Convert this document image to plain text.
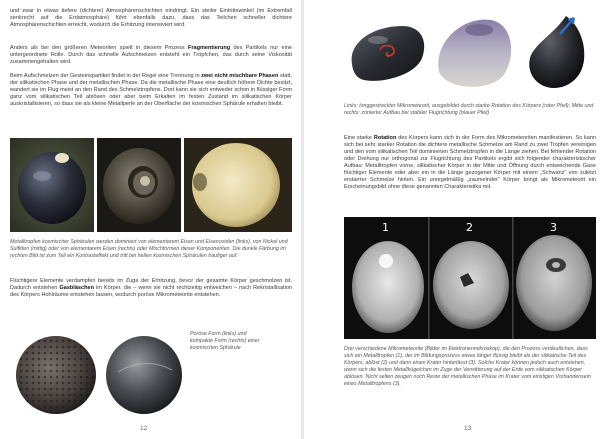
und zwar in etwas tiefere (dichtere) Atmosphärenschichten eindringt. Ein steiler Eintrittswinkel (im Extremfall senkrecht auf die Erdatmosphäre) führt ebenfalls dazu, dass das Teilchen schneller dichtere Atmosphärenschichten erreicht, wodurch die Erhitzung intensiviert wird.

Anders als bei den größeren Meteoriten spielt in diesem Prozess Fragmentierung des Partikels nur eine untergeordnete Rolle. Durch das schnelle Aufschmelzen entsteht ein Tröpfchen, das durch seine Viskosität zusammengehalten wird.

Beim Aufschmelzen der Gesteinspartikel findet in der Regel eine Trennung in zwei nicht mischbare Phasen statt, der silikatischen Phase und der metallischen Phase. Da die metallische Phase eine deutlich höhere Dichte besitzt, wandert sie im Flug meist an den Rand des Schmelztropfens. Dort kann sie sich entweder schon in flüssiger Form ganz vom silikatischen Teil ablösen oder aber beim Erkalten im festen Zustand im silikatischen Körper auskristallisieren, so dass sie als kleine Metallperle an der Oberfläche der kosmischen Sphärule erhalten bleibt.

Metalltropfen kosmischer Sphärulen werden dominiert von elementarem Eisen und Eisenoxiden (links), von Nickel und Sulfiden (mittig) oder von elementarem Eisen (rechts) oder Mischformen dieser Komponenten. Die dunkle Färbung im rechten Bild ist zum Teil ein Kontrasteffekt und tritt bei hellen kosmischen Sphärulen häufiger auf.

Flüchtigere Elemente verdampfen bereits im Zuge der Erhitzung, bevor der gesamte Körper geschmolzen ist. Dadurch entstehen Gasbläschen im Körper, die – wenn sie nicht rechtzeitig entweichen – nach Rekristallisation des Körpers Hohlräume entstehen lassen, wodurch poröse Mikrometeorite entstehen.

Poröse Form (links) und kompakte Form (rechts) einer kosmischen Sphärule

12

Links: longgestreckter Mikrometeorit, ausgebildet durch starke Rotation des Körpers (roter Pfeil); Mitte und rechts: zonierter Aufbau bei stabiler Flugrichtung (blauer Pfeil)

Eine starke Rotation des Körpers kann sich in der Form des Mikrometeoriten manifestieren. So kann sich bei sehr starker Rotation die dichtere metallische Schmelze am Rand zu zwei Tropfen vereinigen und den vom silikatischen Teil dominierten Schmelztropfen in die Länge ziehen. Bei fehlender Rotation oder Drehung nur orthogonal zur Flugrichtung des Partikels ergibt sich folgender charakteristischer Aufbau: Metalltropfen vorne, silikatischer Körper in der Mitte und Öffnung durch entweichende Gase flüchtiger Elemente oder aber ein in die Länge gezogener Körper mit einem „Schwanz“ von zuletzt erstarrter Schmelze hinten. Ein unregelmäßig „zaumelnder“ Körper bringt als Mikrometeorit ein Erscheinungsbild ohne diese genannten Charakteristika mit.

1	2	3

Drei verschiedene Mikrometeorite (Bilder im Elektronenmikroskop), die den Prozess verdeutlichen, dass sich ein Metalltropfen (1), der im Bildungsprozess etwas länger flüssig bleibt als der silikatische Teil des Körpers, ablöst (2) und dann einen Krater hinterlässt (3). Solche Krater können jedoch auch entstehen, wenn sich die festen Metallkügelchen im Zuge der Verwitterung auf der Erde vom silikatischen Körper ablösen. Nicht selten zeugen noch Reste der metallischen Phase im Krater vom einstigen Vorhandensein eines Metalltropfens (3).

13
